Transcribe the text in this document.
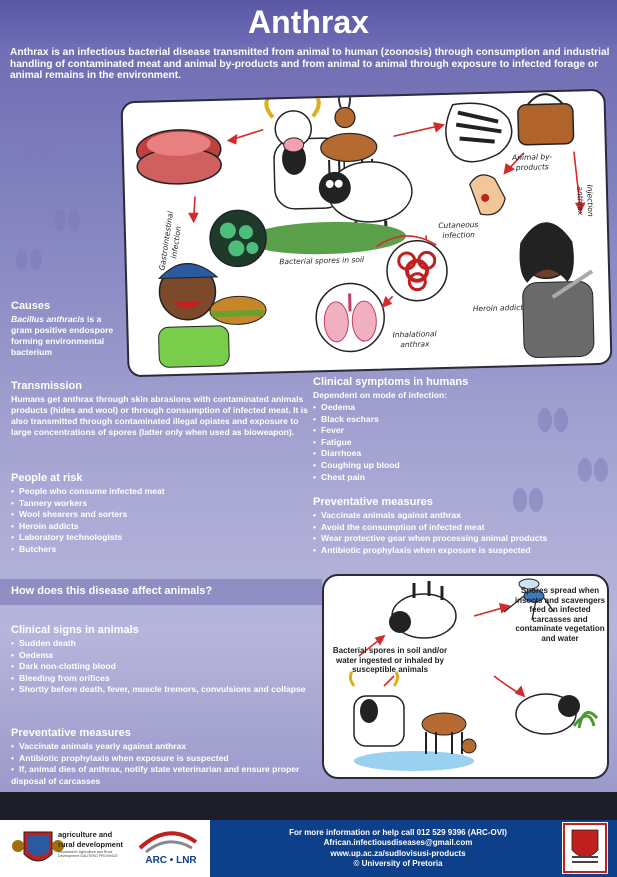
Anthrax

Anthrax is an infectious bacterial disease transmitted from animal to human (zoonosis) through consumption and industrial handling of contaminated meat and animal by-products and from animal to animal through exposure to infected forage or animal remains in the environment.

Animal by-products
Injection anthrax
Gastrointestinal infection
Cutaneous infection
Bacterial spores in soil
Heroin addict
Inhalational anthrax
Causes

Bacillus anthracis is a gram positive endospore forming environmental bacterium

Transmission

Humans get anthrax through skin abrasions with contaminated animals products (hides and wool) or through consumption of infected meat. It is also transmitted through contaminated illegal opiates and exposure to large concentrations of spores (latter only when used as bioweapon).

People at risk
• People who consume infected meat
• Tannery workers
• Wool shearers and sorters
• Heroin addicts
• Laboratory technologists
• Butchers
Clinical symptoms in humans

Dependent on mode of infection:

• Oedema
• Black eschars
• Fever
• Fatigue
• Diarrhoea
• Coughing up blood
• Chest pain
Preventative measures
• Vaccinate animals against anthrax
• Avoid the consumption of infected meat
• Wear protective gear when processing animal products
• Antibiotic prophylaxis when exposure is suspected
How does this disease affect animals?
Clinical signs in animals
• Sudden death
• Oedema
• Dark non-clotting blood
• Bleeding from orifices
• Shortly before death, fever, muscle tremors, convulsions and collapse
Preventative measures
• Vaccinate animals yearly against anthrax
• Antibiotic prophylaxis when exposure is suspected
• If, animal dies of anthrax, notify state veterinarian and ensure proper disposal of carcasses
Bacterial spores in soil and/or water ingested or inhaled by susceptible animals
Spores spread when insects and scavengers feed on infected carcasses and contaminate vegetation and water
agriculture and rural development
Department: Agriculture and Rural Development GAUTENG PROVINCE	ARC • LNR
For more information or help call 012 529 9396 (ARC-OVI)
African.infectiousdiseases@gmail.com
www.up.ac.za/sudlovisusi-products
© University of Pretoria
